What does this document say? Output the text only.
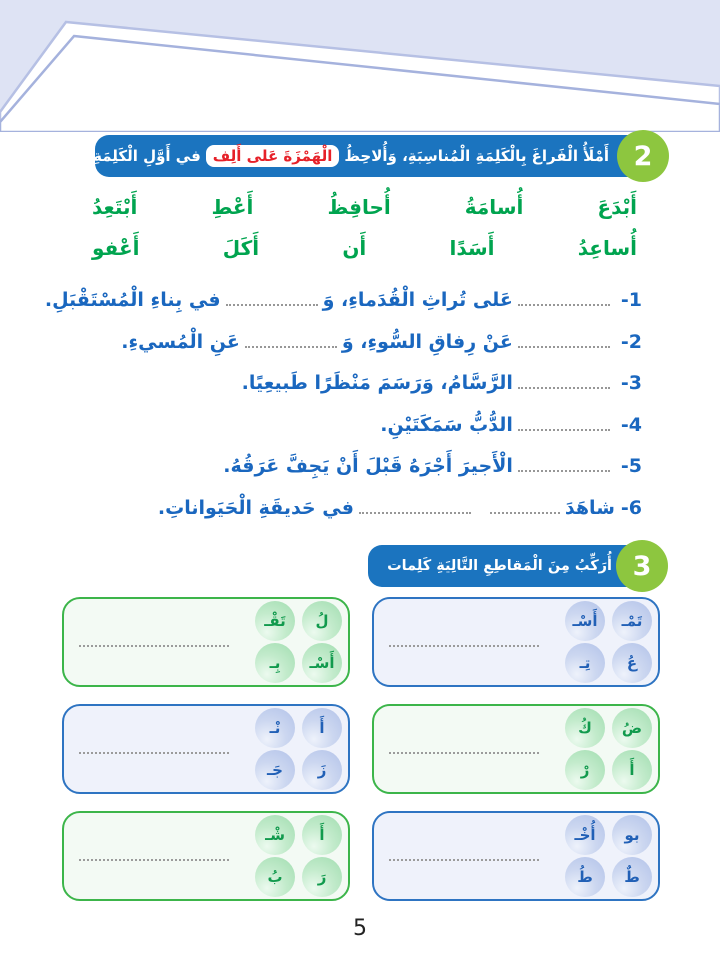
أَمْلَأُ الْفَراغَ بِالْكَلِمَةِ الْمُناسِبَةِ، وَأُلاحِظُ
الْهَمْزَةَ عَلى أَلِف
في أَوَّلِ الْكَلِمَةِ	2
أَبْدَعَ
أُسامَةُ
أُحافِظُ
أَعْطِ
أَبْتَعِدُ
أُساعِدُ
أَسَدًا
أَن
أَكَلَ
أَعْفو
1-عَلى تُراثِ الْقُدَماءِ، وَفي بِناءِ الْمُسْتَقْبَلِ.
2-عَنْ رِفاقِ السُّوءِ، وَعَنِ الْمُسيءِ.
3-الرَّسَّامُ، وَرَسَمَ مَنْظَرًا طَبيعِيًا.
4-الدُّبُّ سَمَكَتَيْنِ.
5-الْأَجيرَ أَجْرَهُ قَبْلَ أَنْ يَجِفَّ عَرَقُهُ.
6-شاهَدَفي حَديقَةِ الْحَيَواناتِ.
أُرَكِّبُ مِنَ الْمَقاطِعِ التَّالِيَةِ كَلِمات 3
تَمْـ
أَسْـ
عُ
تِـ
لُ
تَقْـ
أَسْـ
بِـ
ضُ
كُ
أَ
رْ
أَ
نْـ
زَ
جَـ
بو
أُخْـ
طٌ
طُ
أَ
شْـ
رَ
بُ
5
